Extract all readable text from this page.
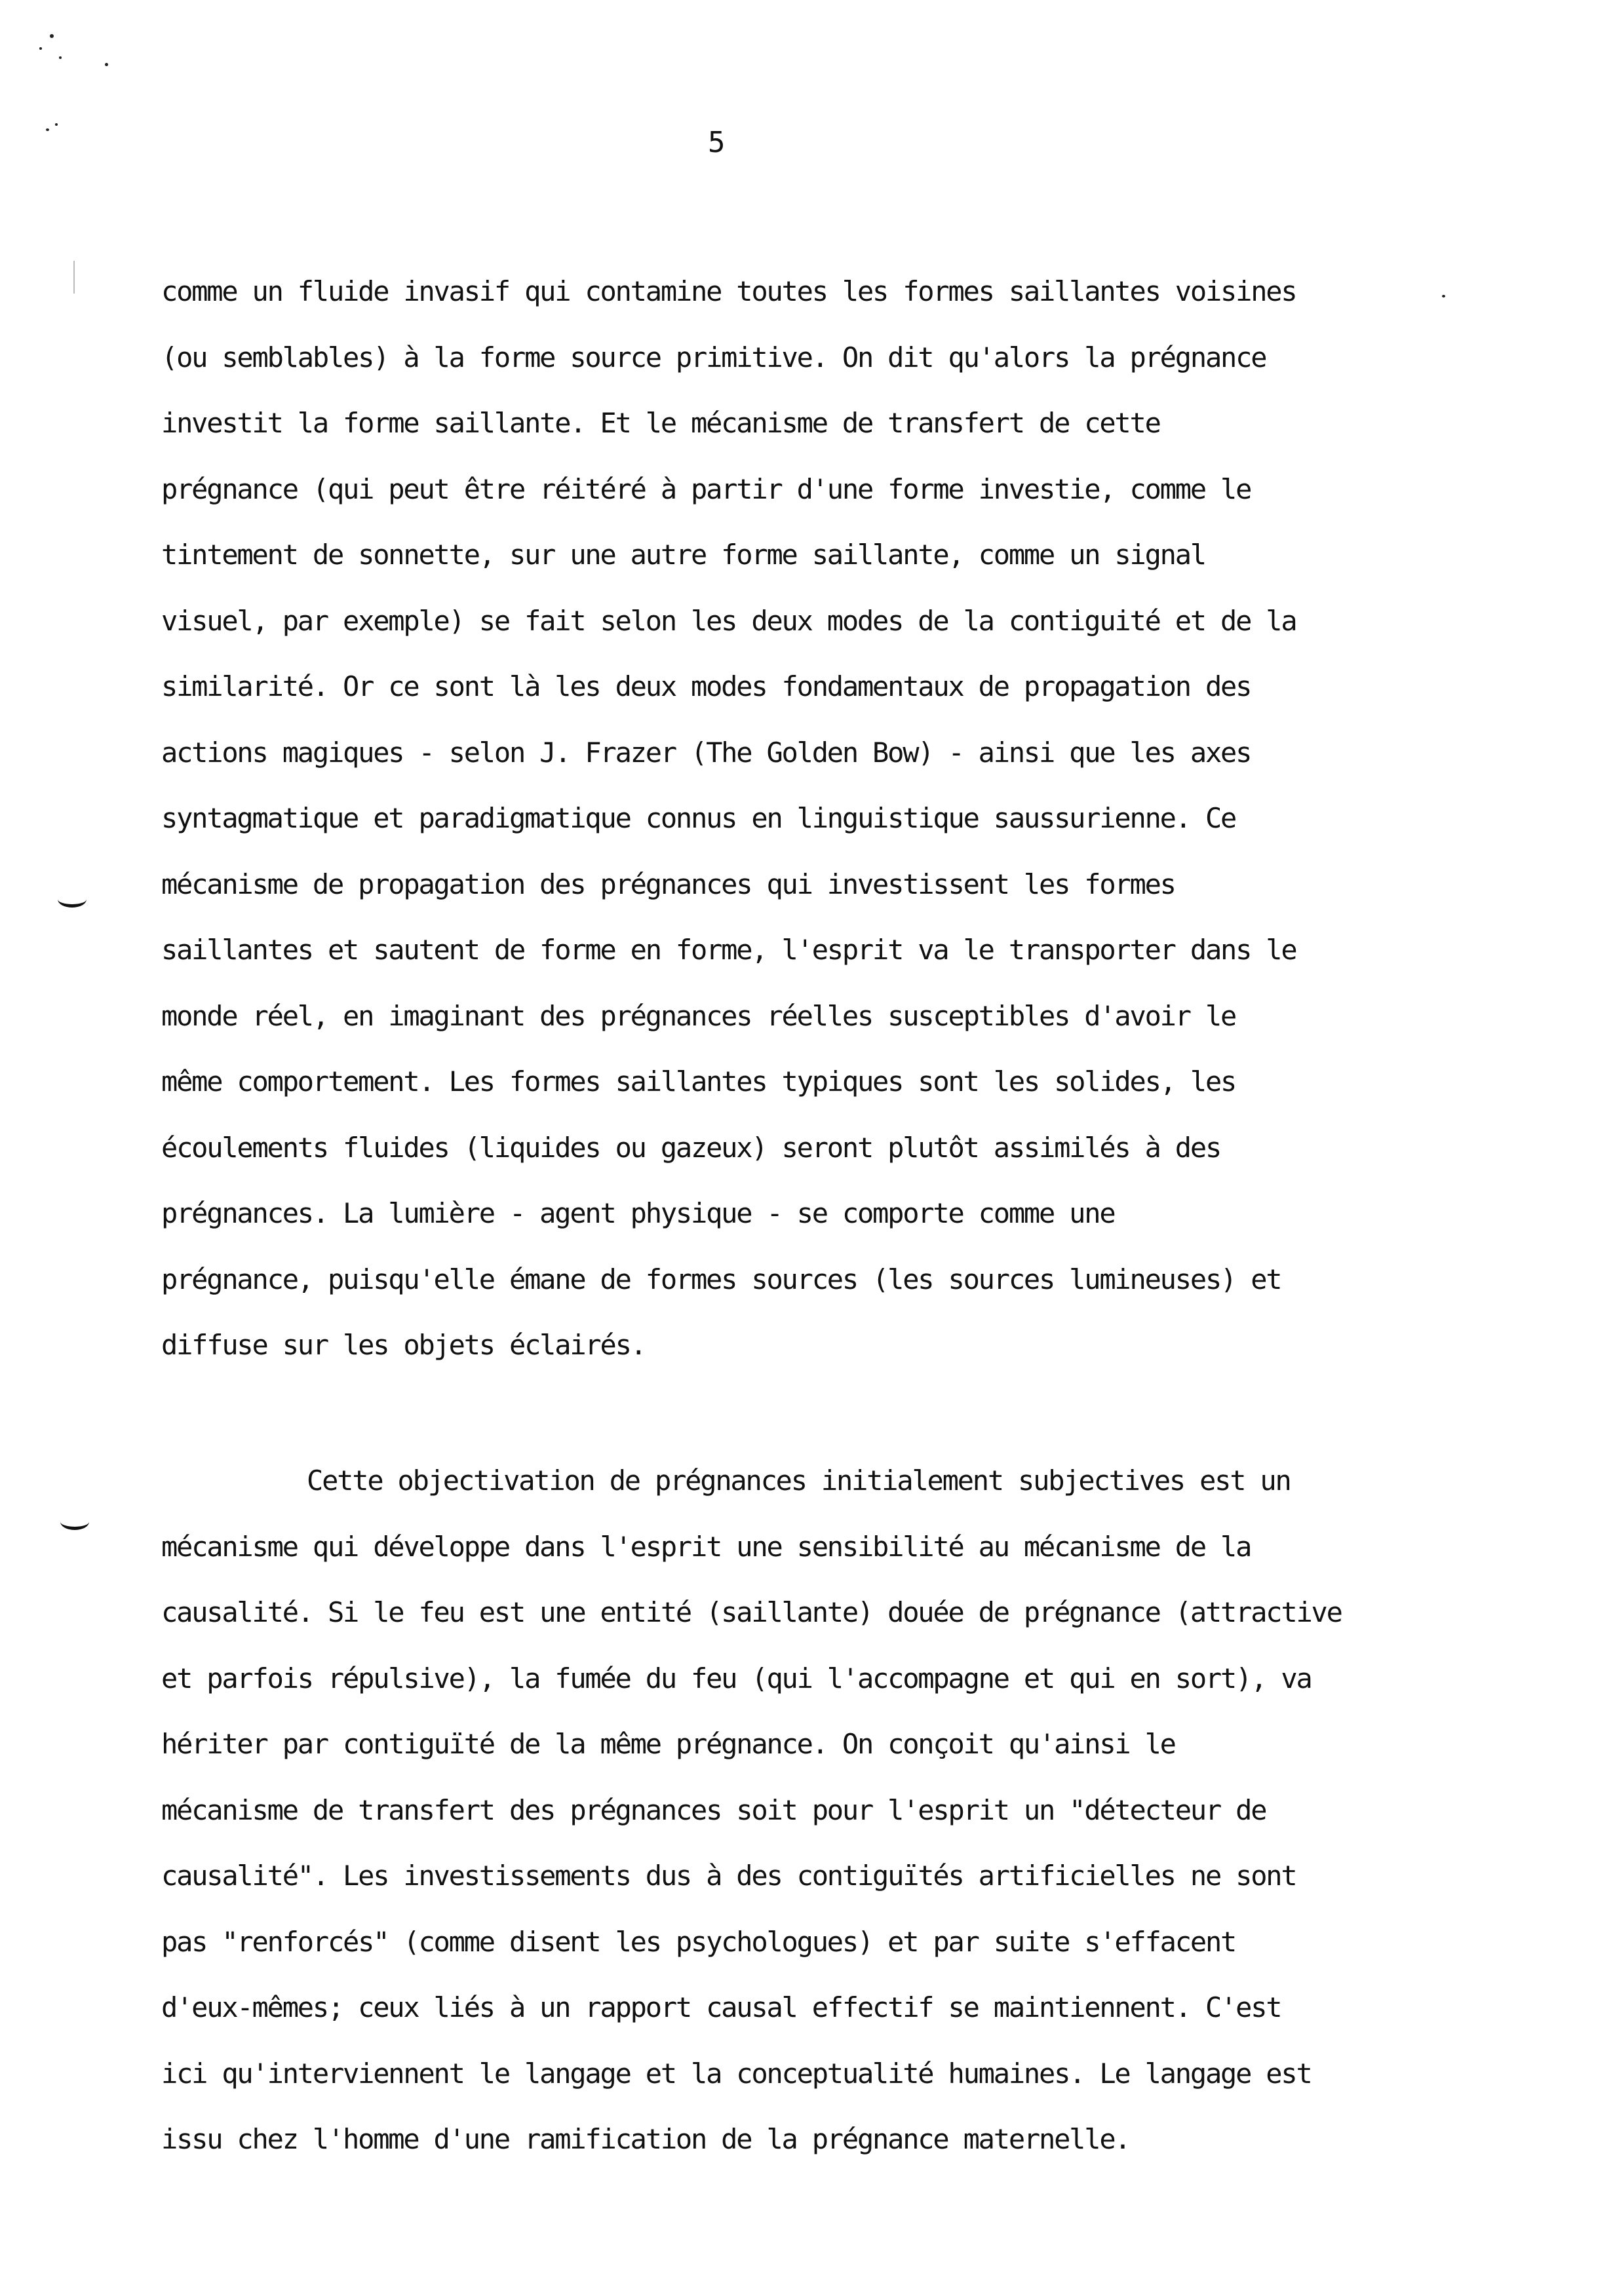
5
comme un fluide invasif qui contamine toutes les formes saillantes voisines
(ou semblables) à la forme source primitive. On dit qu'alors la prégnance
investit la forme saillante. Et le mécanisme de transfert de cette
prégnance (qui peut être réitéré à partir d'une forme investie, comme le
tintement de sonnette, sur une autre forme saillante, comme un signal
visuel, par exemple) se fait selon les deux modes de la contiguité et de la
similarité. Or ce sont là les deux modes fondamentaux de propagation des
actions magiques - selon J. Frazer (The Golden Bow) - ainsi que les axes
syntagmatique et paradigmatique connus en linguistique saussurienne. Ce
mécanisme de propagation des prégnances qui investissent les formes
saillantes et sautent de forme en forme, l'esprit va le transporter dans le
monde réel, en imaginant des prégnances réelles susceptibles d'avoir le
même comportement. Les formes saillantes typiques sont les solides, les
écoulements fluides (liquides ou gazeux) seront plutôt assimilés à des
prégnances. La lumière - agent physique - se comporte comme une
prégnance, puisqu'elle émane de formes sources (les sources lumineuses) et
diffuse sur les objets éclairés.
Cette objectivation de prégnances initialement subjectives est un
mécanisme qui développe dans l'esprit une sensibilité au mécanisme de la
causalité. Si le feu est une entité (saillante) douée de prégnance (attractive
et parfois répulsive), la fumée du feu (qui l'accompagne et qui en sort), va
hériter par contiguïté de la même prégnance. On conçoit qu'ainsi le
mécanisme de transfert des prégnances soit pour l'esprit un "détecteur de
causalité". Les investissements dus à des contiguïtés artificielles ne sont
pas "renforcés" (comme disent les psychologues) et par suite s'effacent
d'eux-mêmes; ceux liés à un rapport causal effectif se maintiennent. C'est
ici qu'interviennent le langage et la conceptualité humaines. Le langage est
issu chez l'homme d'une ramification de la prégnance maternelle.
